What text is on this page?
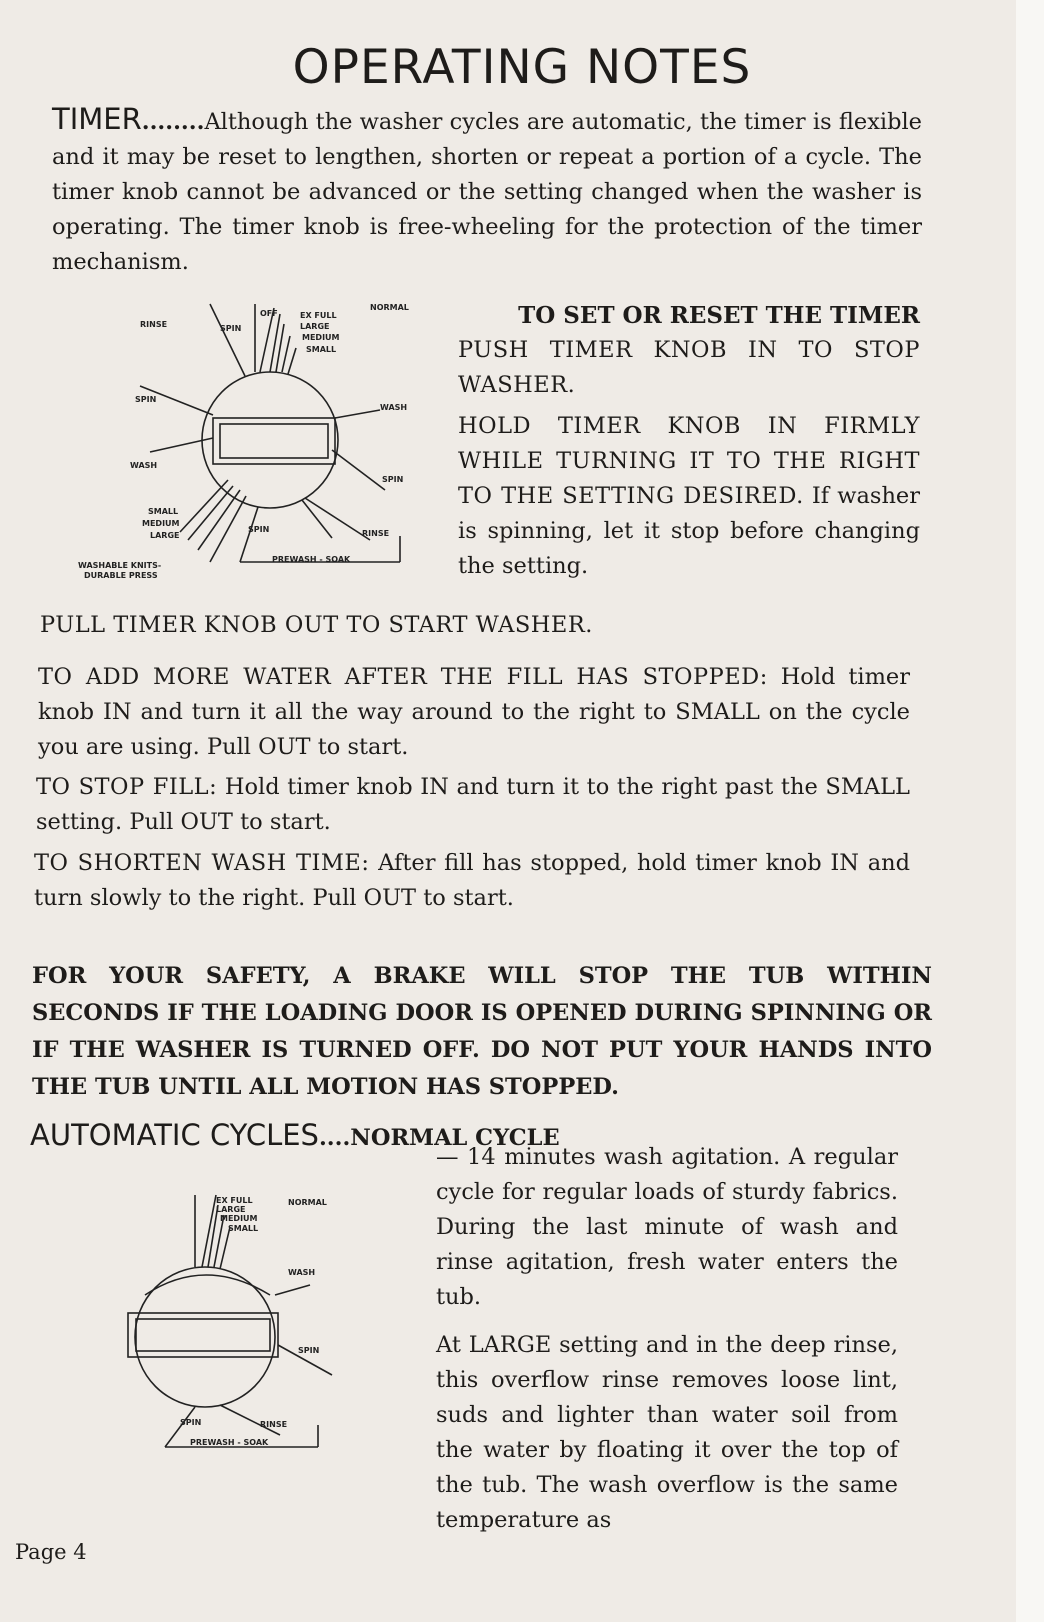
OPERATING NOTES

TIMER........Although the washer cycles are automatic, the timer is flexible and it may be reset to lengthen, shorten or repeat a portion of a cycle. The timer knob cannot be advanced or the setting changed when the washer is operating. The timer knob is free-wheeling for the protection of the timer mechanism.

RINSE	SPIN
OFF
NORMAL
EX FULL
LARGE
MEDIUM
SMALL
SPIN
WASH
WASH
SPIN
SMALL
MEDIUM
LARGE
SPIN	RINSE
PREWASH - SOAK
WASHABLE KNITS-
DURABLE PRESS
TO SET OR RESET THE TIMER
PUSH TIMER KNOB IN TO STOP WASHER.
HOLD TIMER KNOB IN FIRMLY WHILE TURNING IT TO THE RIGHT TO THE SETTING DESIRED. If washer is spinning, let it stop before changing the setting.

PULL TIMER KNOB OUT TO START WASHER.

TO ADD MORE WATER AFTER THE FILL HAS STOPPED: Hold timer knob IN and turn it all the way around to the right to SMALL on the cycle you are using. Pull OUT to start.

TO STOP FILL: Hold timer knob IN and turn it to the right past the SMALL setting. Pull OUT to start.

TO SHORTEN WASH TIME: After fill has stopped, hold timer knob IN and turn slowly to the right. Pull OUT to start.

FOR YOUR SAFETY, A BRAKE WILL STOP THE TUB WITHIN SECONDS IF THE LOADING DOOR IS OPENED DURING SPINNING OR IF THE WASHER IS TURNED OFF. DO NOT PUT YOUR HANDS INTO THE TUB UNTIL ALL MOTION HAS STOPPED.

AUTOMATIC CYCLES....NORMAL CYCLE

— 14 minutes wash agitation. A regular cycle for regular loads of sturdy fabrics. During the last minute of wash and rinse agitation, fresh water enters the tub.

At LARGE setting and in the deep rinse, this overflow rinse removes loose lint, suds and lighter than water soil from the water by floating it over the top of the tub. The wash overflow is the same temperature as

EX FULL
LARGE
MEDIUM
SMALL
NORMAL
WASH
SPIN
SPIN	RINSE
PREWASH - SOAK
Page 4
